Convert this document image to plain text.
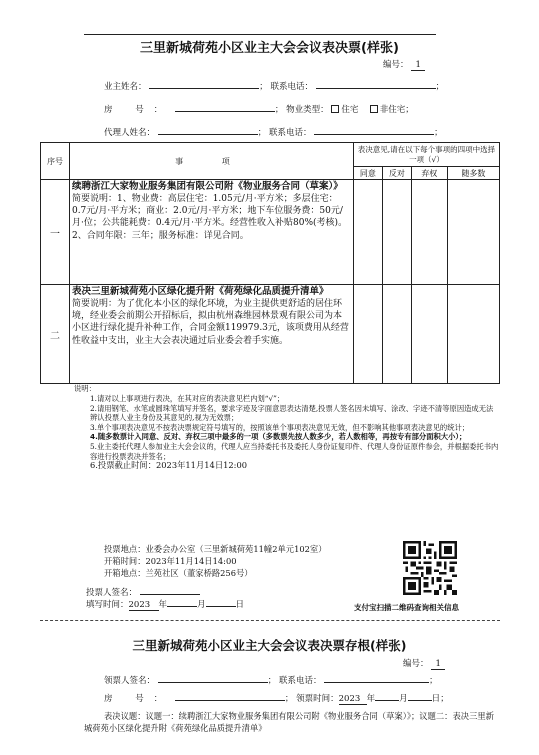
三里新城荷苑小区业主大会会议表决票(样张)
编号： 1
业主姓名：	； 联系电话：	；
房 号：	； 物业类型： 住宅	非住宅；
代理人姓名：	； 联系电话：	；
序号	事 项	表决意见,请在以下每个事项的四项中选择一项（√）			
		同意	反对	弃权	随多数
一	续聘浙江大家物业服务集团有限公司附《物业服务合同（草案）》
简要说明：1、物业费：高层住宅：1.05元/月·平方米；多层住宅：0.7元/月·平方米；商业：2.0元/月·平方米；地下车位服务费：50元/月·位；公共能耗费：0.4元/月·平方米。经营性收入补贴80%(考核)。2、合同年限：三年；服务标准：详见合同。				

二	表决三里新城荷苑小区绿化提升附《荷苑绿化品质提升清单》
简要说明：为了优化本小区的绿化环境，为业主提供更舒适的居住环境，经业委会前期公开招标后，拟由杭州森维园林景观有限公司为本小区进行绿化提升补种工作，合同金额119979.3元，该项费用从经营性收益中支出，业主大会表决通过后业委会着手实施。				

说明：

1.请对以上事项进行表决，在其对应的表决意见栏内划“√”；

2.请用钢笔、水笔或圆珠笔填写并签名，要求字迹及字面意思表达清楚,投票人签名因未填写、涂改、字迹不清等原因造成无法辨认投票人业主身份及其意见的,视为无效票；

3.单个事项表决意见不按表决票规定符号填写的，按照该单个事项表决意见无效，但不影响其他事项表决意见的统计；

4.随多数票计入同意、反对、弃权三项中最多的一项（多数票先按人数多少，若人数相等，再按专有部分面积大小）；

5.业主委托代理人参加业主大会会议的，代理人应当持委托书及委托人身份证复印件、代理人身份证原件参会，并根据委托书内容进行投票表决并签名；

6.投票截止时间：2023年11月14日12:00

投票地点：业委会办公室（三里新城荷苑11幢2单元102室）
开箱时间：2023年11月14日14:00
开箱地点：兰苑社区（董家桥路256号）
投票人签名：
填写时间：2023 年	月	日	支付宝扫描二维码查询相关信息
三里新城荷苑小区业主大会会议表决票存根(样张)
编号： 1
领票人签名：	； 联系电话：	；
房 号：	； 领票时间：2023 年	月	日；
表决议题：议题一：续聘浙江大家物业服务集团有限公司附《物业服务合同（草案）》；议题二：表决三里新城荷苑小区绿化提升附《荷苑绿化品质提升清单》
